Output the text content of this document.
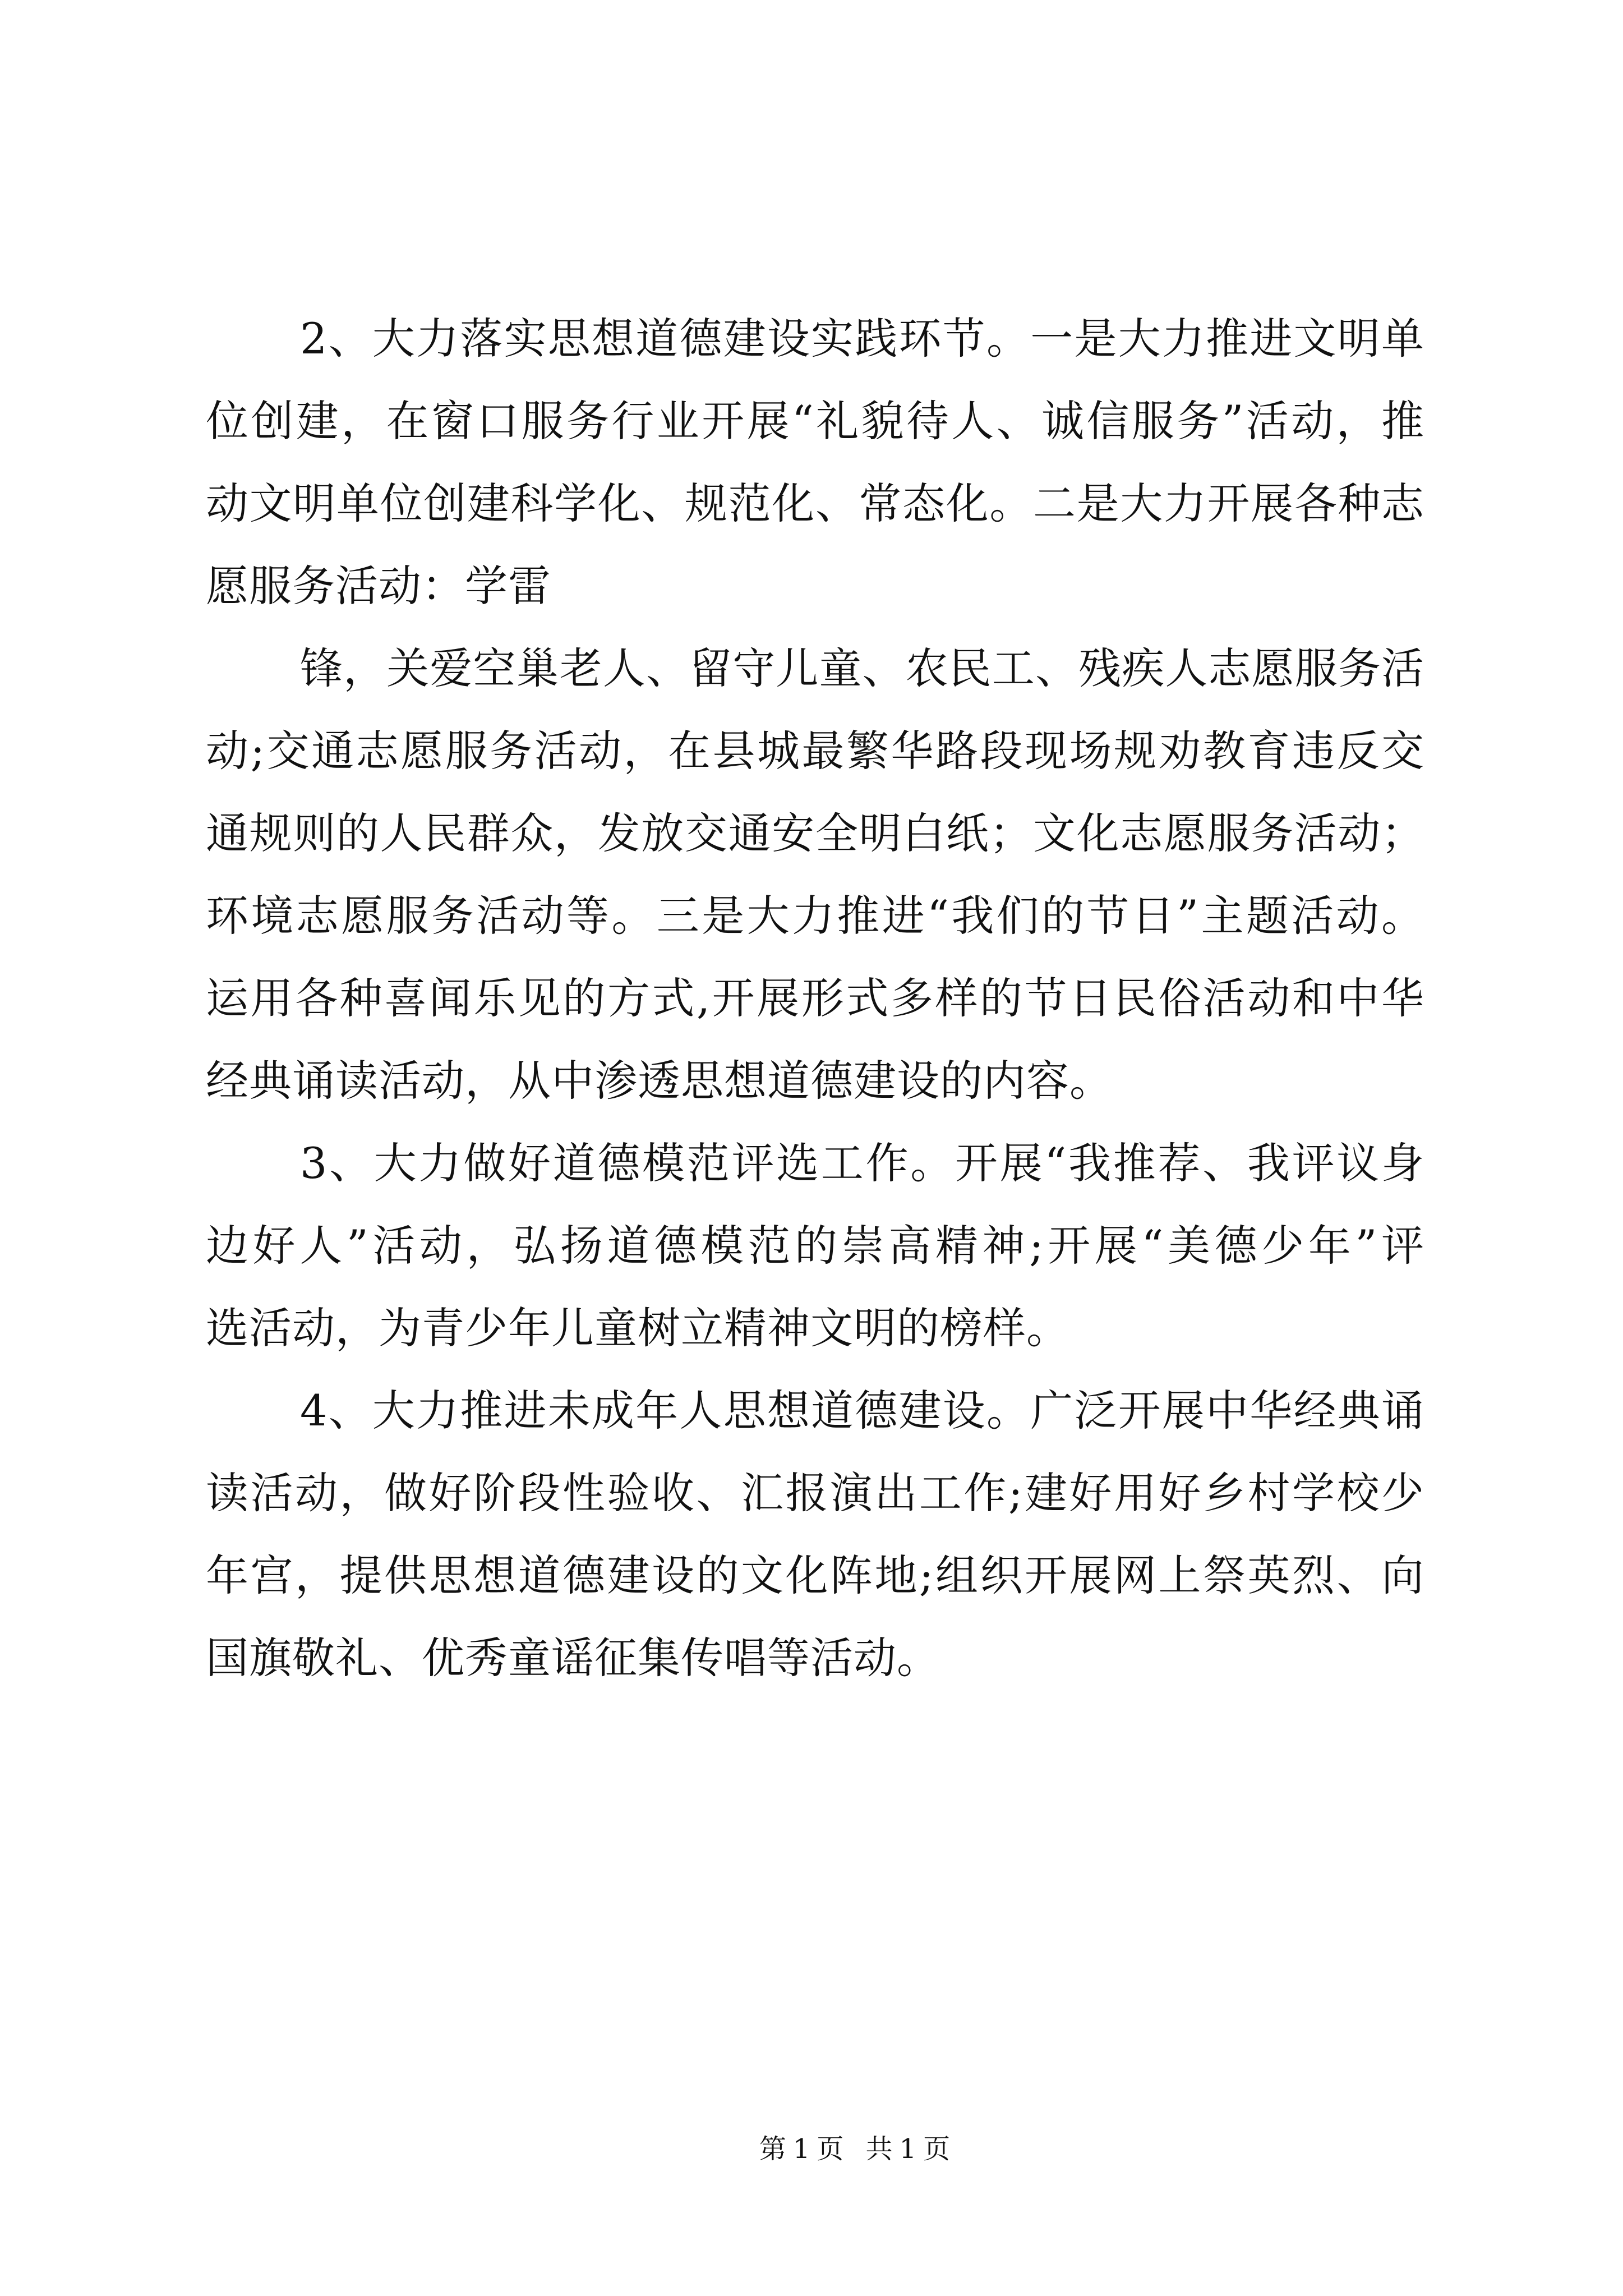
2、大力落实思想道德建设实践环节。一是大力推进文明单
位创建，在窗口服务行业开展“礼貌待人、诚信服务”活动，推
动文明单位创建科学化、规范化、常态化。二是大力开展各种志
愿服务活动：学雷
锋，关爱空巢老人、留守儿童、农民工、残疾人志愿服务活
动;交通志愿服务活动，在县城最繁华路段现场规劝教育违反交
通规则的人民群众，发放交通安全明白纸；文化志愿服务活动；
环境志愿服务活动等。三是大力推进“我们的节日”主题活动。
运用各种喜闻乐见的方式,开展形式多样的节日民俗活动和中华
经典诵读活动，从中渗透思想道德建设的内容。
3、大力做好道德模范评选工作。开展“我推荐、我评议身
边好人”活动，弘扬道德模范的崇高精神;开展“美德少年”评
选活动，为青少年儿童树立精神文明的榜样。
4、大力推进未成年人思想道德建设。广泛开展中华经典诵
读活动，做好阶段性验收、汇报演出工作;建好用好乡村学校少
年宫，提供思想道德建设的文化阵地;组织开展网上祭英烈、向
国旗敬礼、优秀童谣征集传唱等活动。
第1页 共1页
